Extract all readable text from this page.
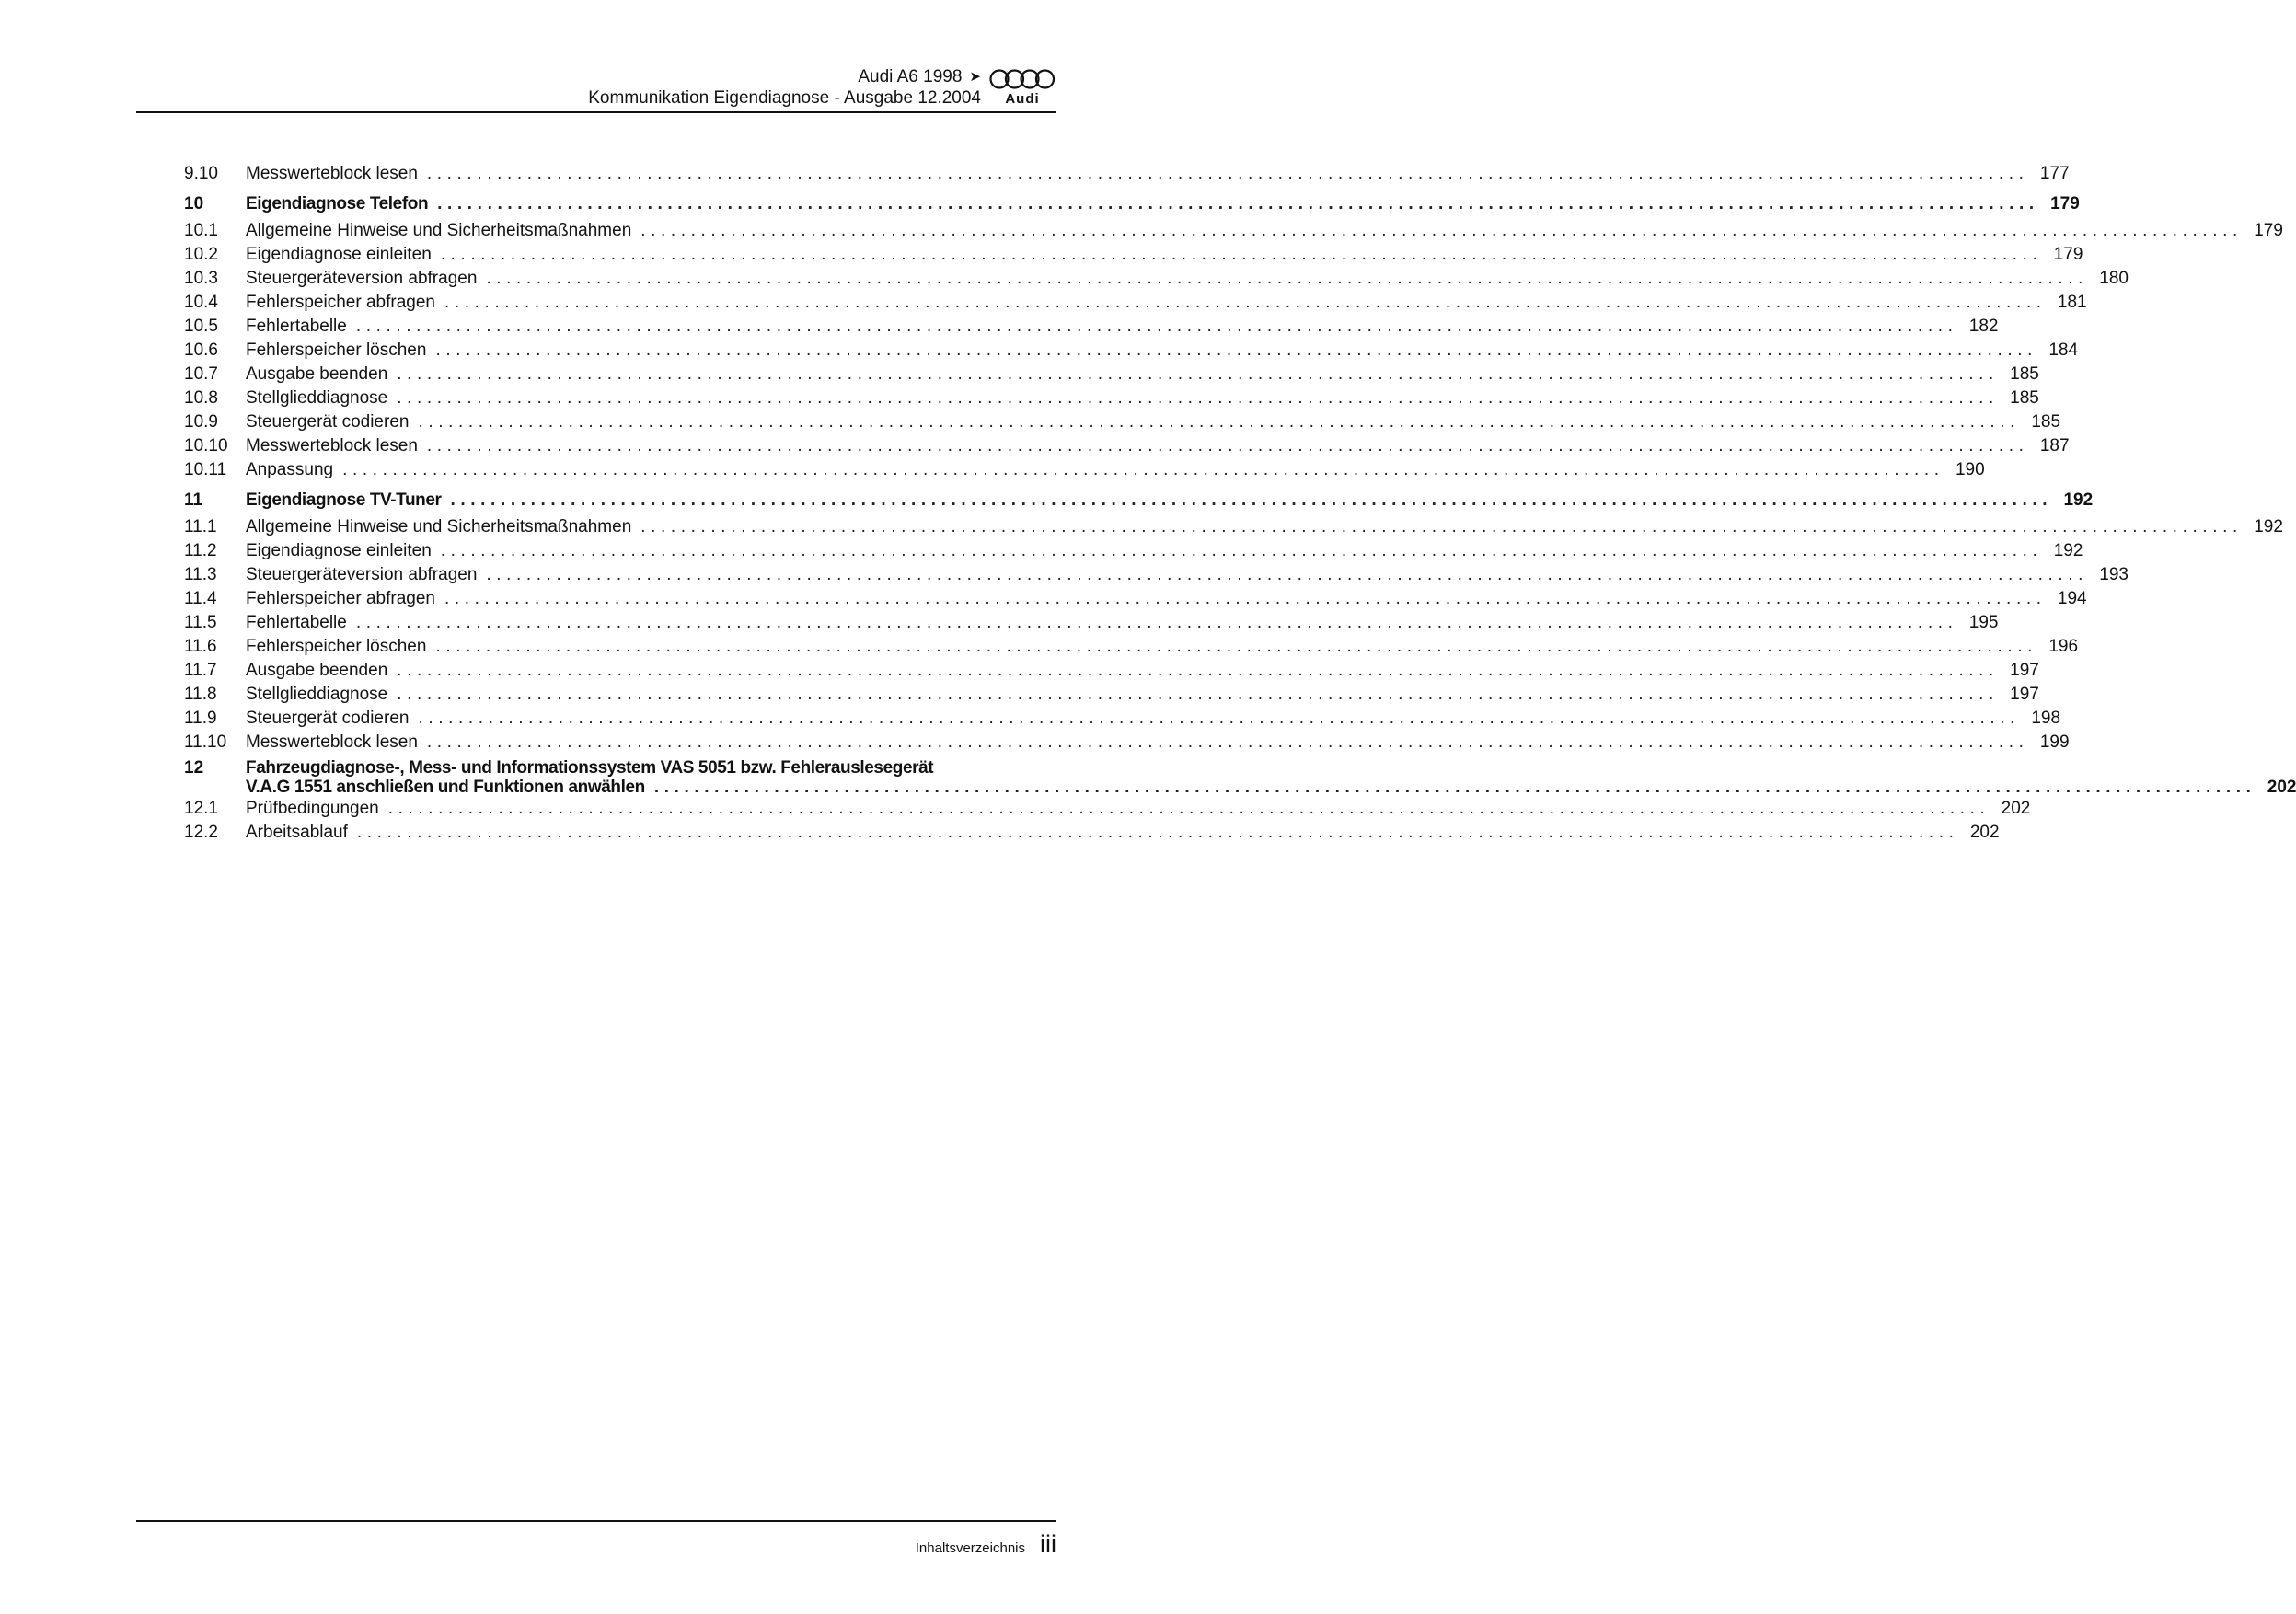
Audi A6 1998 ➤
Kommunikation Eigendiagnose - Ausgabe 12.2004	Audi
9.10	Messwerteblock lesen ................................................................................................................................................................ 177
10	Eigendiagnose Telefon ................................................................................................................................................................ 179
10.1	Allgemeine Hinweise und Sicherheitsmaßnahmen ................................................................................................................................................................ 179
10.2	Eigendiagnose einleiten ................................................................................................................................................................ 179
10.3	Steuergeräteversion abfragen ................................................................................................................................................................ 180
10.4	Fehlerspeicher abfragen ................................................................................................................................................................ 181
10.5	Fehlertabelle ................................................................................................................................................................ 182
10.6	Fehlerspeicher löschen ................................................................................................................................................................ 184
10.7	Ausgabe beenden ................................................................................................................................................................ 185
10.8	Stellglieddiagnose ................................................................................................................................................................ 185
10.9	Steuergerät codieren ................................................................................................................................................................ 185
10.10	Messwerteblock lesen ................................................................................................................................................................ 187
10.11	Anpassung ................................................................................................................................................................ 190
11	Eigendiagnose TV-Tuner ................................................................................................................................................................ 192
11.1	Allgemeine Hinweise und Sicherheitsmaßnahmen ................................................................................................................................................................ 192
11.2	Eigendiagnose einleiten ................................................................................................................................................................ 192
11.3	Steuergeräteversion abfragen ................................................................................................................................................................ 193
11.4	Fehlerspeicher abfragen ................................................................................................................................................................ 194
11.5	Fehlertabelle ................................................................................................................................................................ 195
11.6	Fehlerspeicher löschen ................................................................................................................................................................ 196
11.7	Ausgabe beenden ................................................................................................................................................................ 197
11.8	Stellglieddiagnose ................................................................................................................................................................ 197
11.9	Steuergerät codieren ................................................................................................................................................................ 198
11.10	Messwerteblock lesen ................................................................................................................................................................ 199
12	Fahrzeugdiagnose-, Mess- und Informationssystem VAS 5051 bzw. Fehlerauslesegerät
V.A.G 1551 anschließen und Funktionen anwählen ................................................................................................................................................................ 202
12.1	Prüfbedingungen ................................................................................................................................................................ 202
12.2	Arbeitsablauf ................................................................................................................................................................ 202
Inhaltsverzeichnis iii
